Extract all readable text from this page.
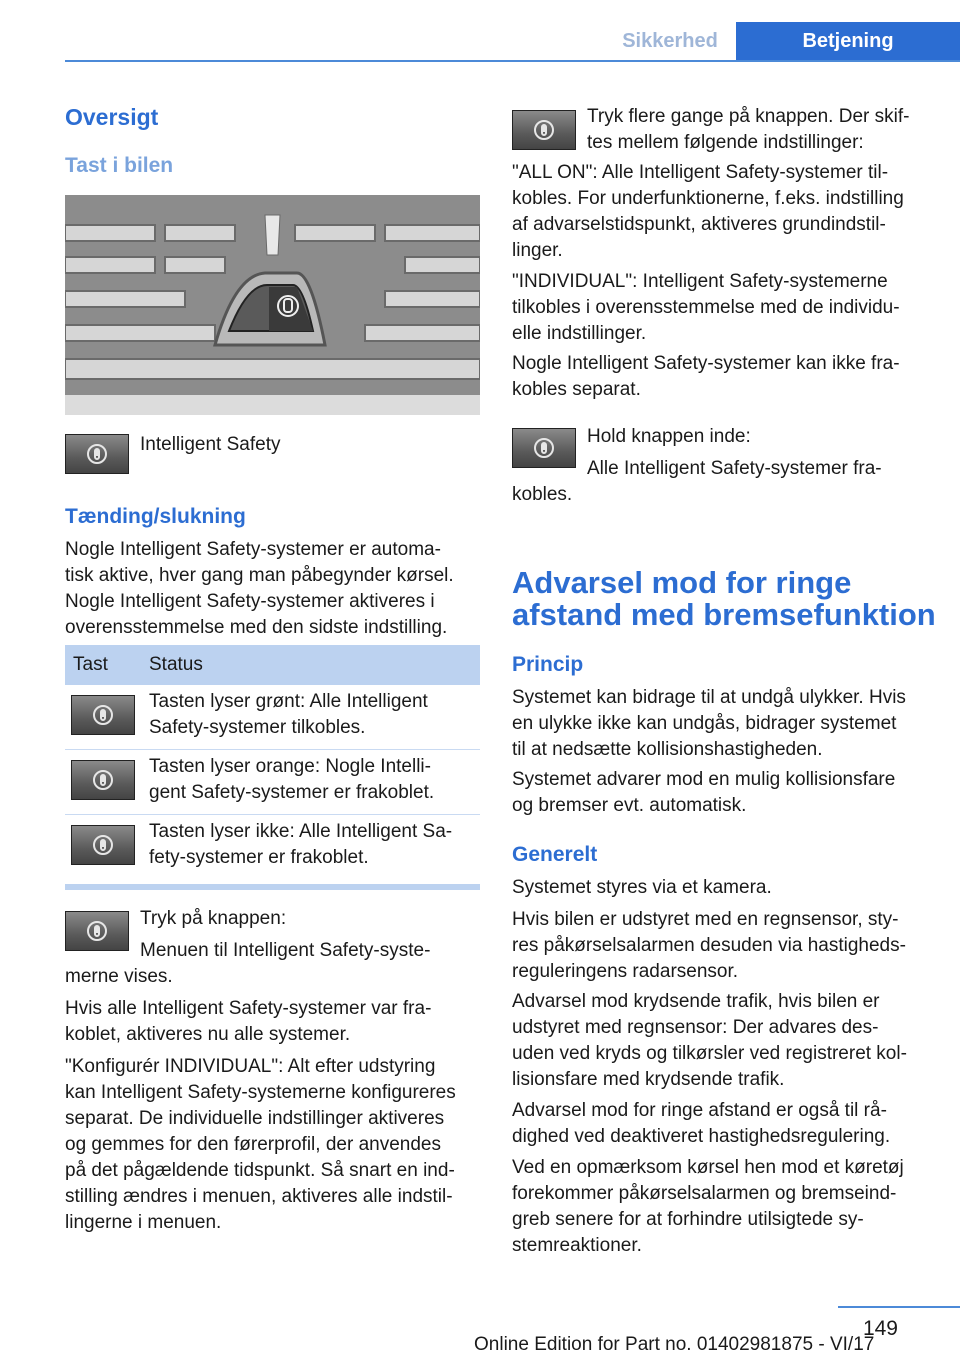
Sikkerhed	Betjening
Oversigt
Tast i bilen
Intelligent Safety
Tænding/slukning

Nogle Intelligent Safety-systemer er automa‐

tisk aktive, hver gang man påbegynder kørsel.

Nogle Intelligent Safety-systemer aktiveres i

overensstemmelse med den sidste indstilling.

Tast Status
Tasten lyser grønt: Alle Intelligent
Safety-systemer tilkobles.
Tasten lyser orange: Nogle Intelli‐
gent Safety-systemer er frakoblet.
Tasten lyser ikke: Alle Intelligent Sa‐
fety-systemer er frakoblet.
Tryk på knappen:
Menuen til Intelligent Safety-syste‐
merne vises.

Hvis alle Intelligent Safety-systemer var fra‐

koblet, aktiveres nu alle systemer.

"Konfigurér INDIVIDUAL": Alt efter udstyring

kan Intelligent Safety-systemerne konfigureres

separat. De individuelle indstillinger aktiveres

og gemmes for den førerprofil, der anvendes

på det pågældende tidspunkt. Så snart en ind‐

stilling ændres i menuen, aktiveres alle indstil‐

lingerne i menuen.

Tryk flere gange på knappen. Der skif‐

tes mellem følgende indstillinger:

"ALL ON": Alle Intelligent Safety-systemer til‐

kobles. For underfunktionerne, f.eks. indstilling

af advarselstidspunkt, aktiveres grundindstil‐

linger.

"INDIVIDUAL": Intelligent Safety-systemerne

tilkobles i overensstemmelse med de individu‐

elle indstillinger.

Nogle Intelligent Safety-systemer kan ikke fra‐

kobles separat.

Hold knappen inde:
Alle Intelligent Safety-systemer fra‐
kobles.
Advarsel mod for ringe
afstand med bremsefunktion
Princip

Systemet kan bidrage til at undgå ulykker. Hvis

en ulykke ikke kan undgås, bidrager systemet

til at nedsætte kollisionshastigheden.

Systemet advarer mod en mulig kollisionsfare

og bremser evt. automatisk.

Generelt
Systemet styres via et kamera.

Hvis bilen er udstyret med en regnsensor, sty‐

res påkørselsalarmen desuden via hastigheds‐

reguleringens radarsensor.

Advarsel mod krydsende trafik, hvis bilen er

udstyret med regnsensor: Der advares des‐

uden ved kryds og tilkørsler ved registreret kol‐

lisionsfare med krydsende trafik.

Advarsel mod for ringe afstand er også til rå‐

dighed ved deaktiveret hastighedsregulering.

Ved en opmærksom kørsel hen mod et køretøj

forekommer påkørselsalarmen og bremseind‐

greb senere for at forhindre utilsigtede sy‐

stemreaktioner.

149
Online Edition for Part no. 01402981875 - VI/17
